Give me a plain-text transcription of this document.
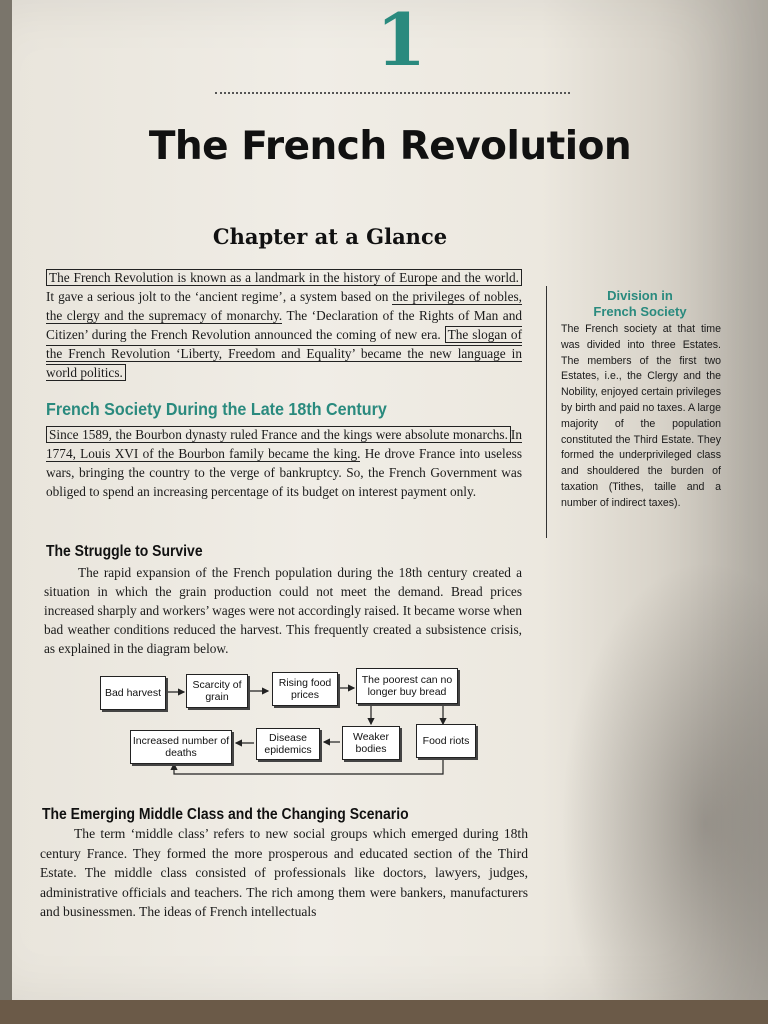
1
The French Revolution
Chapter at a Glance

The French Revolution is known as a landmark in the history of Europe and the world. It gave a serious jolt to the ‘ancient regime’, a system based on the privileges of nobles, the clergy and the supremacy of monarchy. The ‘Declaration of the Rights of Man and Citizen’ during the French Revolution announced the coming of new era. The slogan of the French Revolution ‘Liberty, Freedom and Equality’ became the new language in world politics.

French Society During the Late 18th Century

Since 1589, the Bourbon dynasty ruled France and the kings were absolute monarchs. In 1774, Louis XVI of the Bourbon family became the king. He drove France into useless wars, bringing the country to the verge of bankruptcy. So, the French Government was obliged to spend an increasing percentage of its budget on interest payment only.

Division in
French Society
The French society at that time was divided into three Estates. The members of the first two Estates, i.e., the Clergy and the Nobility, enjoyed certain privileges by birth and paid no taxes. A large majority of the population constituted the Third Estate. They formed the underprivileged class and shouldered the burden of taxation (Tithes, taille and a number of indirect taxes).
The Struggle to Survive

The rapid expansion of the French population during the 18th century created a situation in which the grain production could not meet the demand. Bread prices increased sharply and workers’ wages were not accordingly raised. It became worse when bad weather conditions reduced the harvest. This frequently created a subsistence crisis, as explained in the diagram below.

Bad harvest
Scarcity of grain
Rising food prices
The poorest can no longer buy bread
Food riots
Weaker bodies
Disease epidemics
Increased number of deaths
The Emerging Middle Class and the Changing Scenario

The term ‘middle class’ refers to new social groups which emerged during 18th century France. They formed the more prosperous and educated section of the Third Estate. The middle class consisted of professionals like doctors, lawyers, judges, administrative officials and teachers. The rich among them were bankers, manufacturers and businessmen. The ideas of French intellectuals
